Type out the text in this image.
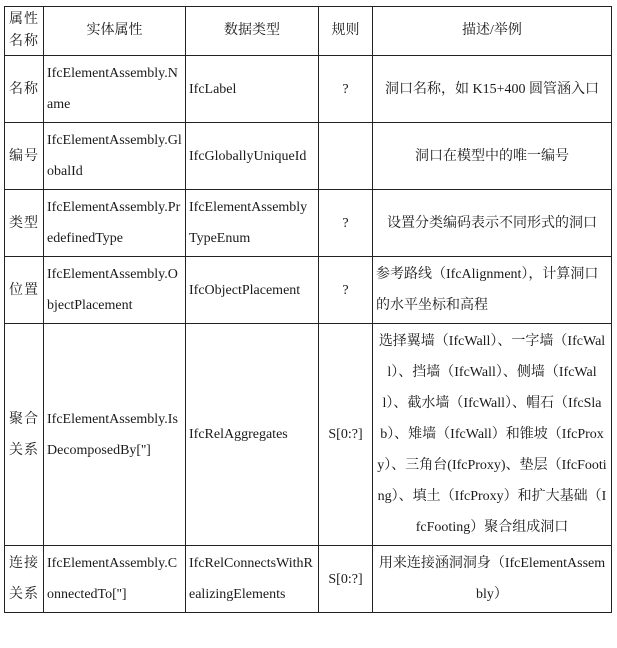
属性名称	实体属性	数据类型	规则	描述/举例
名称	IfcElementAssembly.Name	IfcLabel	?	洞口名称，如 K15+400 圆管涵入口
编号	IfcElementAssembly.GlobalId	IfcGloballyUniqueId		洞口在模型中的唯一编号
类型	IfcElementAssembly.PredefinedType	IfcElementAssemblyTypeEnum	?	设置分类编码表示不同形式的洞口
位置	IfcElementAssembly.ObjectPlacement	IfcObjectPlacement	?	参考路线（IfcAlignment），计算洞口的水平坐标和高程
聚合关系	IfcElementAssembly.IsDecomposedBy['']	IfcRelAggregates	S[0:?]	选择翼墙（IfcWall）、一字墙（IfcWall）、挡墙（IfcWall）、侧墙（IfcWall）、截水墙（IfcWall）、帽石（IfcSlab）、雉墙（IfcWall）和锥坡（IfcProxy）、三角台(IfcProxy)、垫层（IfcFooting）、填土（IfcProxy）和扩大基础（IfcFooting）聚合组成洞口
连接关系	IfcElementAssembly.ConnectedTo['']	IfcRelConnectsWithRealizingElements	S[0:?]	用来连接涵洞洞身（IfcElementAssembly）
